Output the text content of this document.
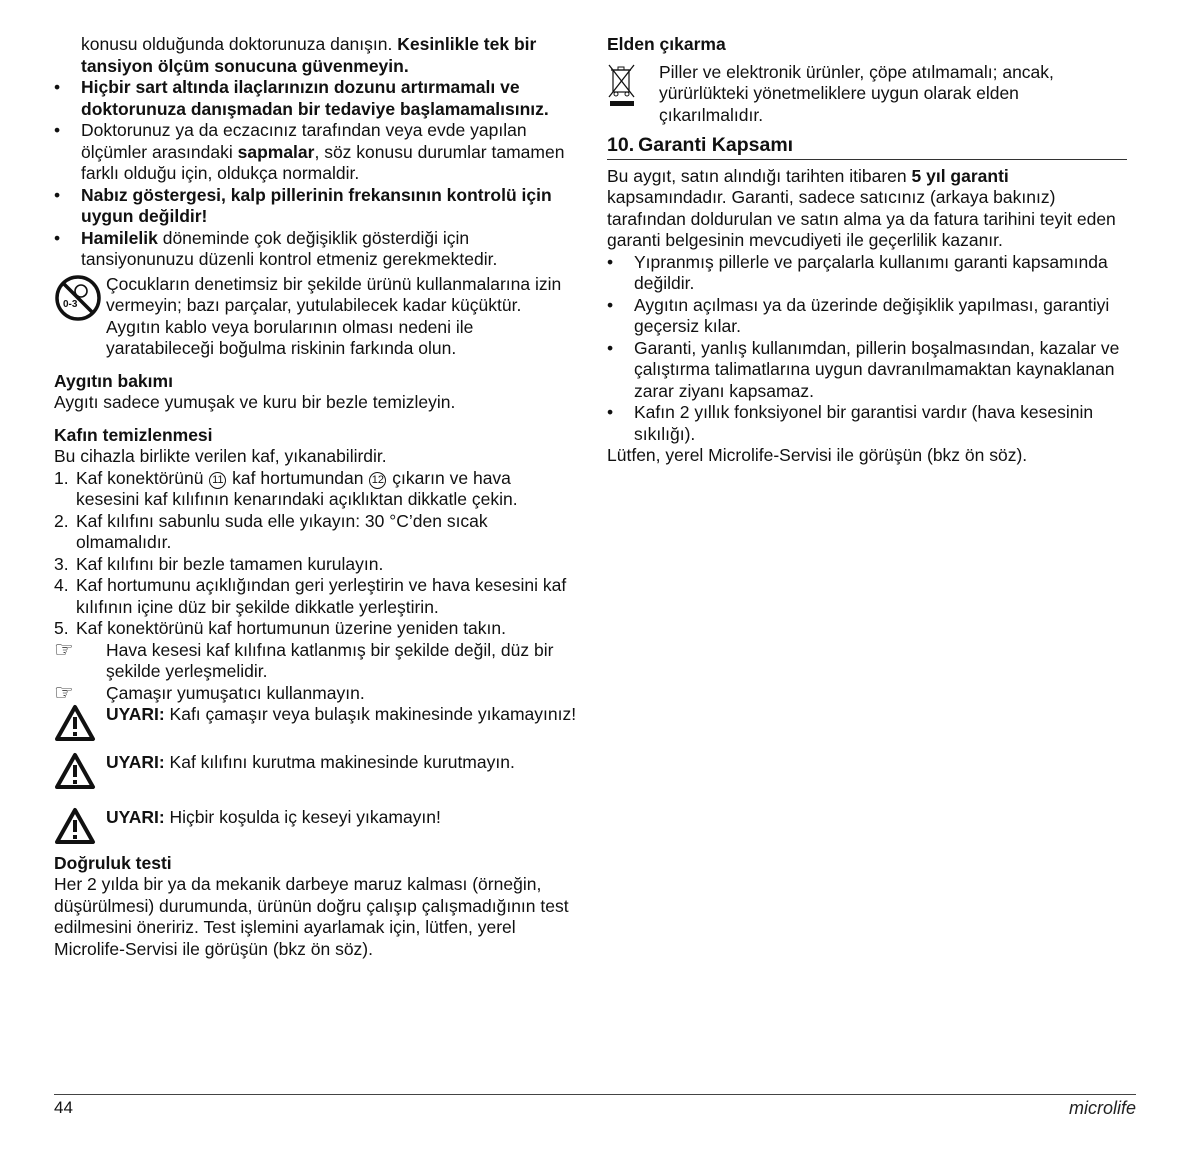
konusu olduğunda doktorunuza danışın. Kesinlikle tek bir tansiyon ölçüm sonucuna güvenmeyin.

•	Hiçbir sart altında ilaçlarınızın dozunu artırmamalı ve doktorunuza danışmadan bir tedaviye başlamamalısınız.
•	Doktorunuz ya da eczacınız tarafından veya evde yapılan ölçümler arasındaki sapmalar, söz konusu durumlar tamamen farklı olduğu için, oldukça normaldir.
•	Nabız göstergesi, kalp pillerinin frekansının kontrolü için uygun değildir!
•	Hamilelik döneminde çok değişiklik gösterdiği için tansiyonunuzu düzenli kontrol etmeniz gerekmektedir.
0-3
Çocukların denetimsiz bir şekilde ürünü kullanmalarına izin vermeyin; bazı parçalar, yutulabilecek kadar küçüktür. Aygıtın kablo veya borularının olması nedeni ile yaratabileceği boğulma riskinin farkında olun.
Aygıtın bakımı

Aygıtı sadece yumuşak ve kuru bir bezle temizleyin.

Kafın temizlenmesi

Bu cihazla birlikte verilen kaf, yıkanabilirdir.

1. Kaf konektörünü 11 kaf hortumundan 12 çıkarın ve hava kesesini kaf kılıfının kenarındaki açıklıktan dikkatle çekin.
2. Kaf kılıfını sabunlu suda elle yıkayın: 30 °C’den sıcak olmamalıdır.
3. Kaf kılıfını bir bezle tamamen kurulayın.
4. Kaf hortumunu açıklığından geri yerleştirin ve hava kesesini kaf kılıfının içine düz bir şekilde dikkatle yerleştirin.
5. Kaf konektörünü kaf hortumunun üzerine yeniden takın.
☞	Hava kesesi kaf kılıfına katlanmış bir şekilde değil, düz bir şekilde yerleşmelidir.
☞	Çamaşır yumuşatıcı kullanmayın.
UYARI: Kafı çamaşır veya bulaşık makinesinde yıkamayınız!
UYARI: Kaf kılıfını kurutma makinesinde kurutmayın.
UYARI: Hiçbir koşulda iç keseyi yıkamayın!
Doğruluk testi

Her 2 yılda bir ya da mekanik darbeye maruz kalması (örneğin, düşürülmesi) durumunda, ürünün doğru çalışıp çalışmadığının test edilmesini öneririz. Test işlemini ayarlamak için, lütfen, yerel Microlife-Servisi ile görüşün (bkz ön söz).

Elden çıkarma
Piller ve elektronik ürünler, çöpe atılmamalı; ancak, yürürlükteki yönetmeliklere uygun olarak elden çıkarılmalıdır.
10. Garanti Kapsamı

Bu aygıt, satın alındığı tarihten itibaren 5 yıl garanti kapsamındadır. Garanti, sadece satıcınız (arkaya bakınız) tarafından doldurulan ve satın alma ya da fatura tarihini teyit eden garanti belgesinin mevcudiyeti ile geçerlilik kazanır.

•	Yıpranmış pillerle ve parçalarla kullanımı garanti kapsamında değildir.
•	Aygıtın açılması ya da üzerinde değişiklik yapılması, garantiyi geçersiz kılar.
•	Garanti, yanlış kullanımdan, pillerin boşalmasından, kazalar ve çalıştırma talimatlarına uygun davranılmamaktan kaynaklanan zarar ziyanı kapsamaz.
•	Kafın 2 yıllık fonksiyonel bir garantisi vardır (hava kesesinin sıkılığı).

Lütfen, yerel Microlife-Servisi ile görüşün (bkz ön söz).

44	microlife
